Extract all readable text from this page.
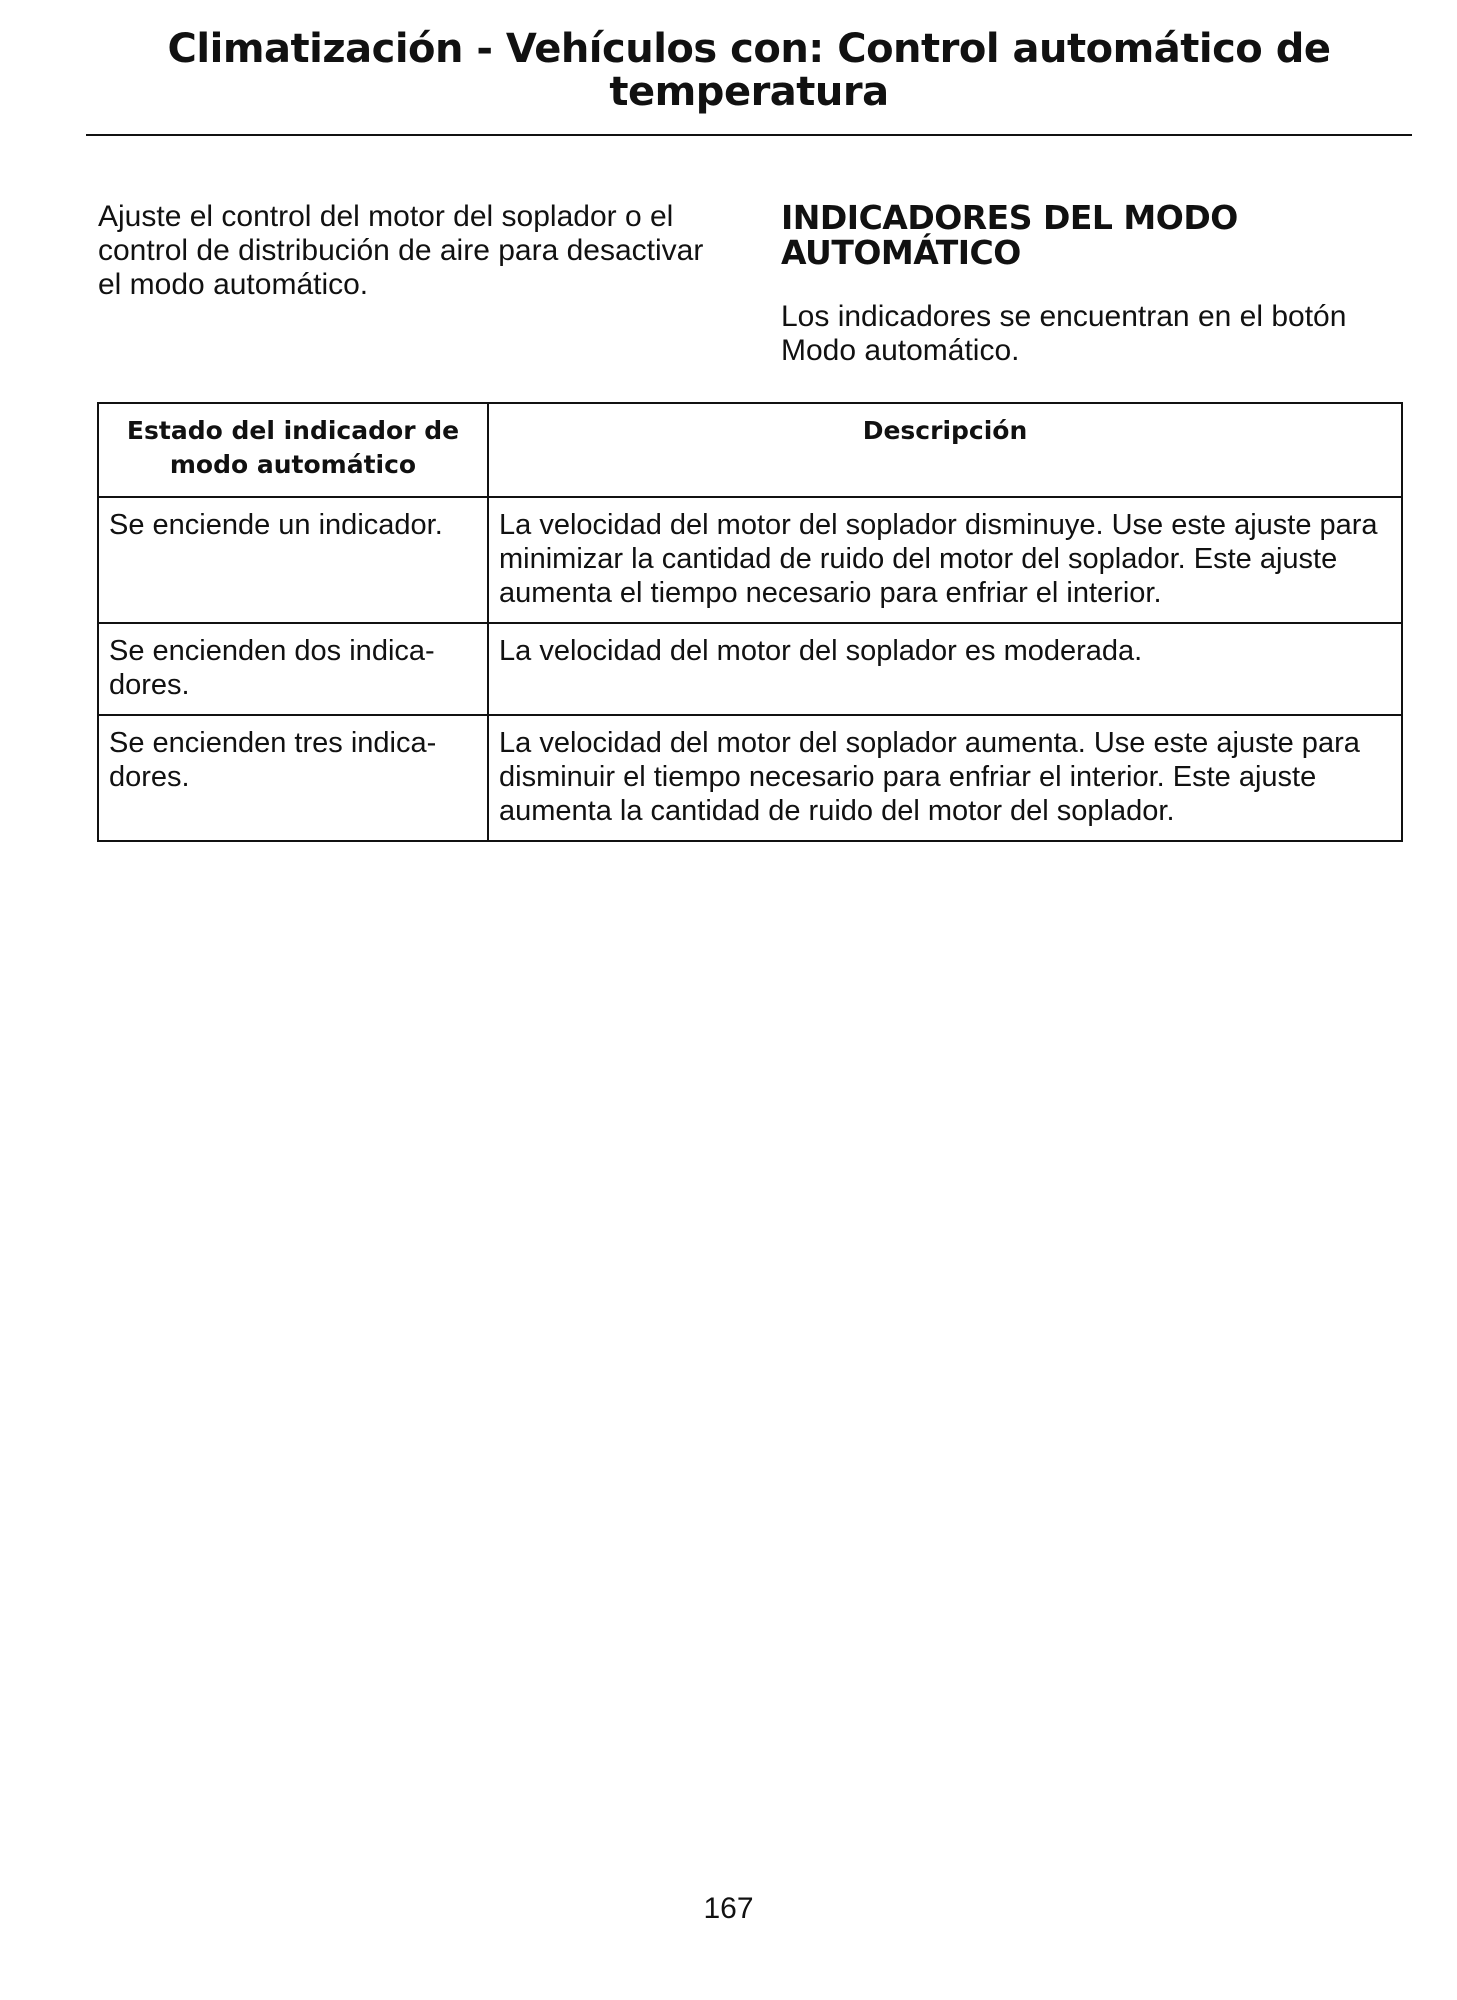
Climatización - Vehículos con: Control automático de
temperatura

Ajuste el control del motor del soplador o el control de distribución de aire para desactivar el modo automático.

INDICADORES DEL MODO
AUTOMÁTICO

Los indicadores se encuentran en el botón Modo automático.

Estado del indicador de modo automático	Descripción
Se enciende un indicador.	La velocidad del motor del soplador disminuye. Use este ajuste para minimizar la cantidad de ruido del motor del soplador. Este ajuste aumenta el tiempo necesario para enfriar el interior.
Se encienden dos indica-dores.	La velocidad del motor del soplador es moderada.
Se encienden tres indica-dores.	La velocidad del motor del soplador aumenta. Use este ajuste para disminuir el tiempo necesario para enfriar el interior. Este ajuste aumenta la cantidad de ruido del motor del soplador.
167
